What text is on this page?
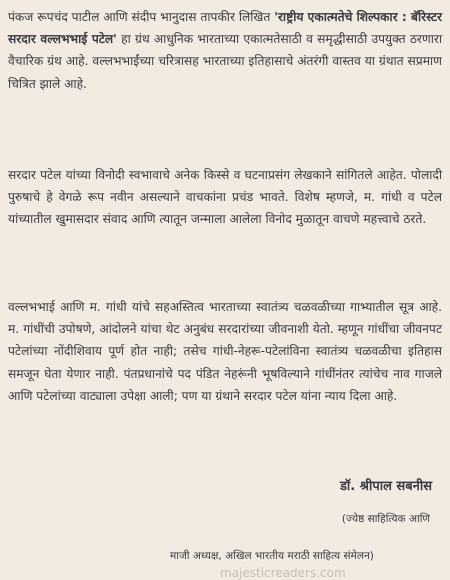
पंकज रूपचंद पाटील आणि संदीप भानुदास तापकीर लिखित 'राष्ट्रीय एकात्मतेचे शिल्पकार : बॅरिस्टर सरदार वल्लभभाई पटेल' हा ग्रंथ आधुनिक भारताच्या एकात्मतेसाठी व समृद्धीसाठी उपयुक्त ठरणारा वैचारिक ग्रंथ आहे. वल्लभभाईंच्या चरित्रासह भारताच्या इतिहासाचे अंतरंगी वास्तव या ग्रंथात सप्रमाण चित्रित झाले आहे.

सरदार पटेल यांच्या विनोदी स्वभावाचे अनेक किस्से व घटनाप्रसंग लेखकाने सांगितले आहेत. पोलादी पुरुषाचे हे वेगळे रूप नवीन असल्याने वाचकांना प्रचंड भावते. विशेष म्हणजे, म. गांधी व पटेल यांच्यातील खुमासदार संवाद आणि त्यातून जन्माला आलेला विनोद मुळातून वाचणे महत्त्वाचे ठरते.

वल्लभभाई आणि म. गांधी यांचे सहअस्तित्व भारताच्या स्वातंत्र्य चळवळीच्या गाभ्यातील सूत्र आहे. म. गांधींची उपोषणे, आंदोलने यांचा थेट अनुबंध सरदारांच्या जीवनाशी येतो. म्हणून गांधींचा जीवनपट पटेलांच्या नोंदीशिवाय पूर्ण होत नाही; तसेच गांधी-नेहरू-पटेलांविना स्वातंत्र्य चळवळीचा इतिहास समजून घेता येणार नाही. पंतप्रधानांचे पद पंडित नेहरूंनी भूषविल्याने गांधींनंतर त्यांचेच नाव गाजले आणि पटेलांच्या वाट्याला उपेक्षा आली; पण या ग्रंथाने सरदार पटेल यांना न्याय दिला आहे.

डॉ. श्रीपाल सबनीस

(ज्येष्ठ साहित्यिक आणि

माजी अध्यक्ष, अखिल भारतीय मराठी साहित्य संमेलन)

majesticreaders.com
